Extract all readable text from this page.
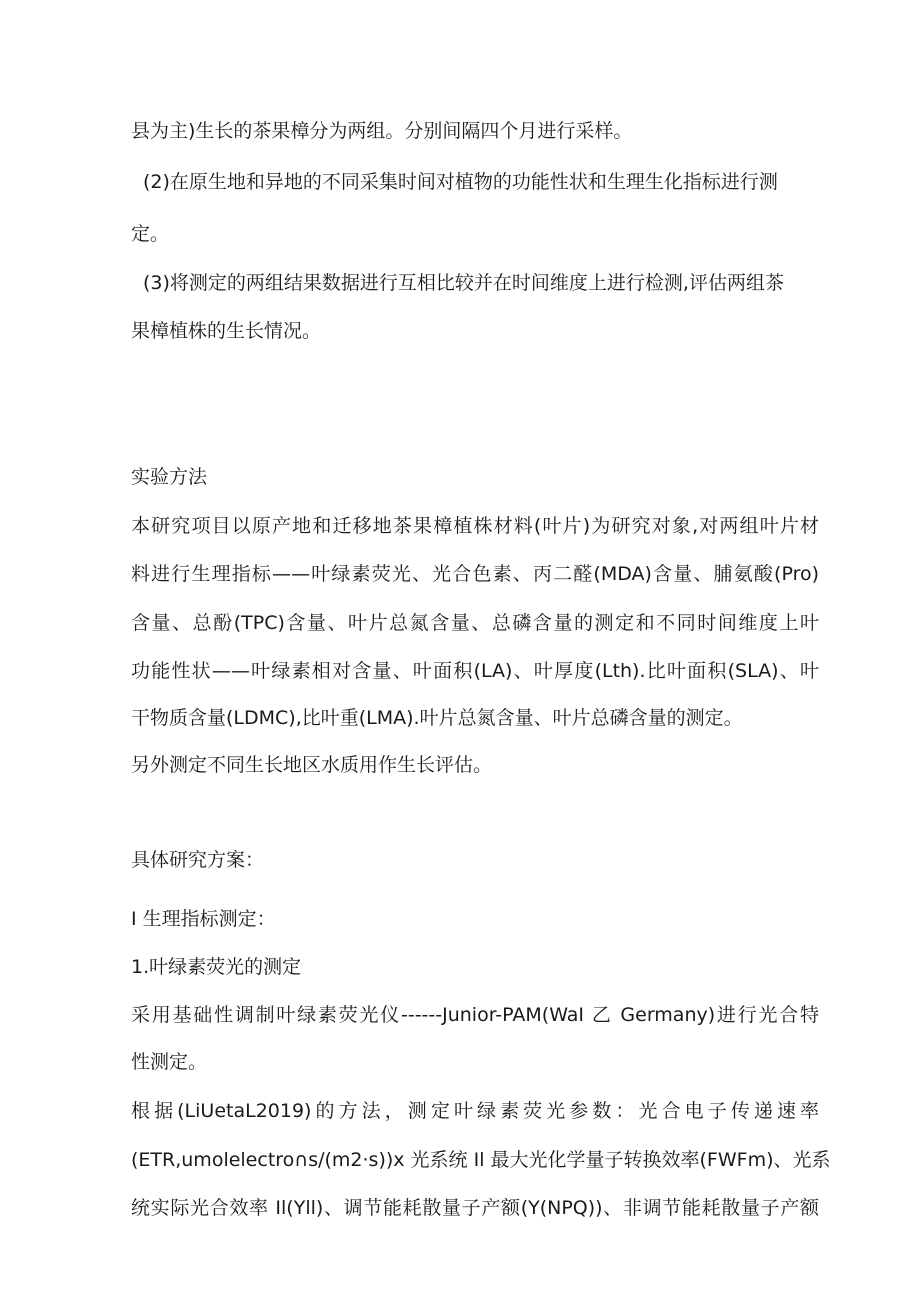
县为主)生长的茶果樟分为两组。分别间隔四个月进行采样。
(2)在原生地和异地的不同采集时间对植物的功能性状和生理生化指标进行测
定。
(3)将测定的两组结果数据进行互相比较并在时间维度上进行检测,评估两组茶
果樟植株的生长情况。
实验方法
本研究项目以原产地和迁移地茶果樟植株材料(叶片)为研究对象,对两组叶片材
料进行生理指标——叶绿素荧光、光合色素、丙二醛(MDA)含量、脯氨酸(Pro)
含量、总酚(TPC)含量、叶片总氮含量、总磷含量的测定和不同时间维度上叶
功能性状——叶绿素相对含量、叶面积(LA)、叶厚度(Lth).比叶面积(SLA)、叶
干物质含量(LDMC),比叶重(LMA).叶片总氮含量、叶片总磷含量的测定。
另外测定不同生长地区水质用作生长评估。
具体研究方案：
I 生理指标测定：
1.叶绿素荧光的测定
采用基础性调制叶绿素荧光仪------Junior-PAM(WaI 乙 Germany)进行光合特
性测定。
根据(LiUetaL2019)的方法，测定叶绿素荧光参数：光合电子传递速率
(ETR,umolelectro∩s∕(m2·s))x 光系统 Il 最大光化学量子转换效率(FWFm)、光系
统实际光合效率 Il(Yll)、调节能耗散量子产额(Y(NPQ))、非调节能耗散量子产额
